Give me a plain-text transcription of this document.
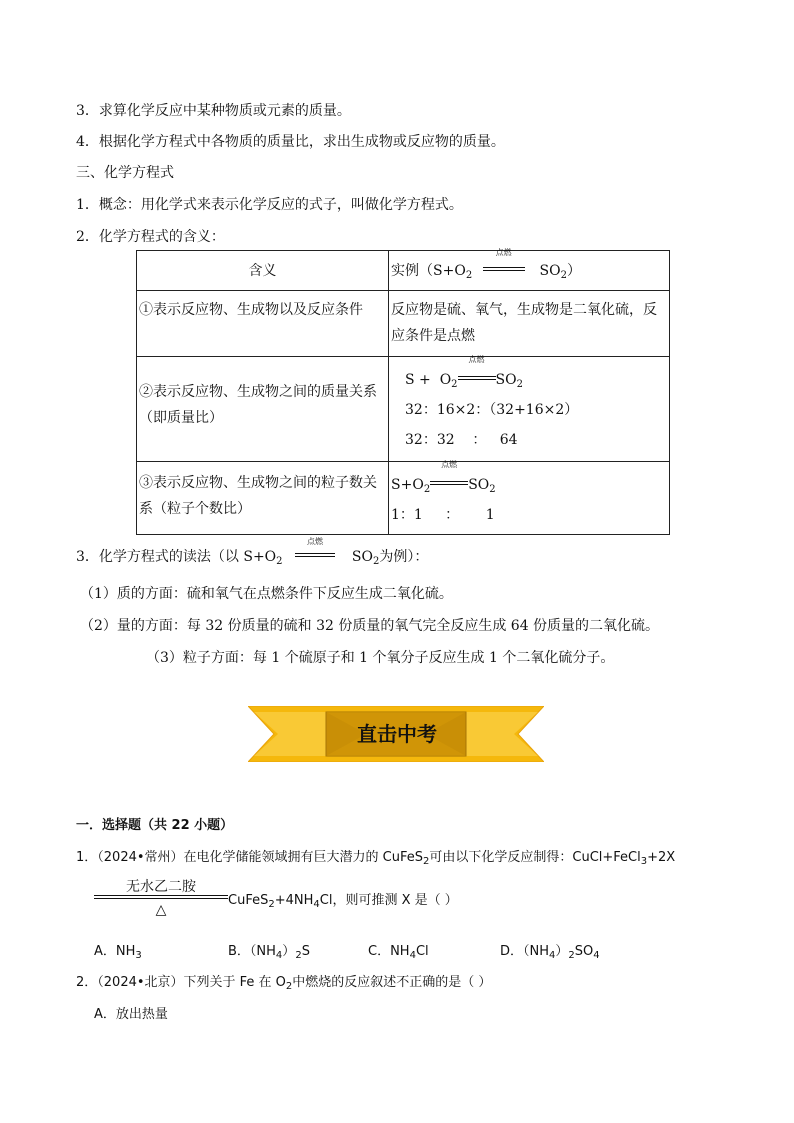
3．求算化学反应中某种物质或元素的质量。
4．根据化学方程式中各物质的质量比，求出生成物或反应物的质量。
三、化学方程式
1．概念：用化学式来表示化学反应的式子，叫做化学方程式。
2．化学方程式的含义：
含义	实例（$S+O_2$
点燃
$SO_2$）
①表示反应物、生成物以及反应条件	反应物是硫、氧气，生成物是二氧化硫，反应条件是点燃
②表示反应物、生成物之间的质量关系（即质量比）	$S + O_2$
点燃
$SO_2$
32：16×2：（32+16×2）
32：32    ：   64

③表示反应物、生成物之间的粒子数关系（粒子个数比）	$S+O_2$
点燃
$SO_2$
1：1     ：      1
3．化学方程式的读法（以 $S+O_2$
点燃
$SO_2$为例）：
（1）质的方面：硫和氧气在点燃条件下反应生成二氧化硫。
（2）量的方面：每 32 份质量的硫和 32 份质量的氧气完全反应生成 64 份质量的二氧化硫。
（3）粒子方面：每 1 个硫原子和 1 个氧分子反应生成 1 个二氧化硫分子。
直击中考
一．选择题（共 22 小题）
1．（2024•常州）在电化学储能领域拥有巨大潜力的 CuFeS$_2$可由以下化学反应制得：CuCl+FeCl$_3$+2X
无水乙二胺
△
$CuFeS_2+4NH_4Cl$，则可推测 X 是（ ）
A．$NH_3$	B．$(NH_4)_2S$	C．$NH_4Cl$	D．$(NH_4)_2SO_4$
2．（2024•北京）下列关于 Fe 在 $O_2$中燃烧的反应叙述不正确的是（ ）
A．放出热量
